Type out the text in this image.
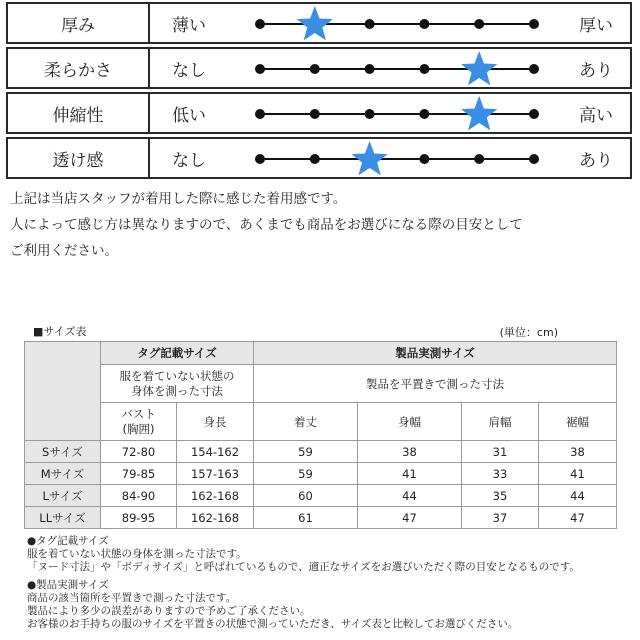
厚み	薄い	厚い
柔らかさ	なし	あり
伸縮性	低い	高い
透け感	なし	あり
上記は当店スタッフが着用した際に感じた着用感です。
人によって感じ方は異なりますので、あくまでも商品をお選びになる際の目安として
ご利用ください。
■サイズ表	(単位：cm)
	タグ記載サイズ		製品実測サイズ			

	服を着ていない状態の身体を測った寸法		製品を平置きで測った寸法			

	バスト
(胸囲)	身長	着丈	身幅	肩幅	裾幅
Sサイズ	72-80	154-162	59	38	31	38
Mサイズ	79-85	157-163	59	41	33	41
Lサイズ	84-90	162-168	60	44	35	44
LLサイズ	89-95	162-168	61	47	37	47
●タグ記載サイズ
服を着ていない状態の身体を測った寸法です。
「ヌード寸法」や「ボディサイズ」と呼ばれているもので、適正なサイズをお選びいただく際の目安となるものです。
●製品実測サイズ
商品の該当箇所を平置きで測った寸法です。
製品により多少の誤差がありますので予めご了承ください。
お客様のお手持ちの服のサイズを平置きの状態で測っていただき、サイズ表と比較してお選びください。
